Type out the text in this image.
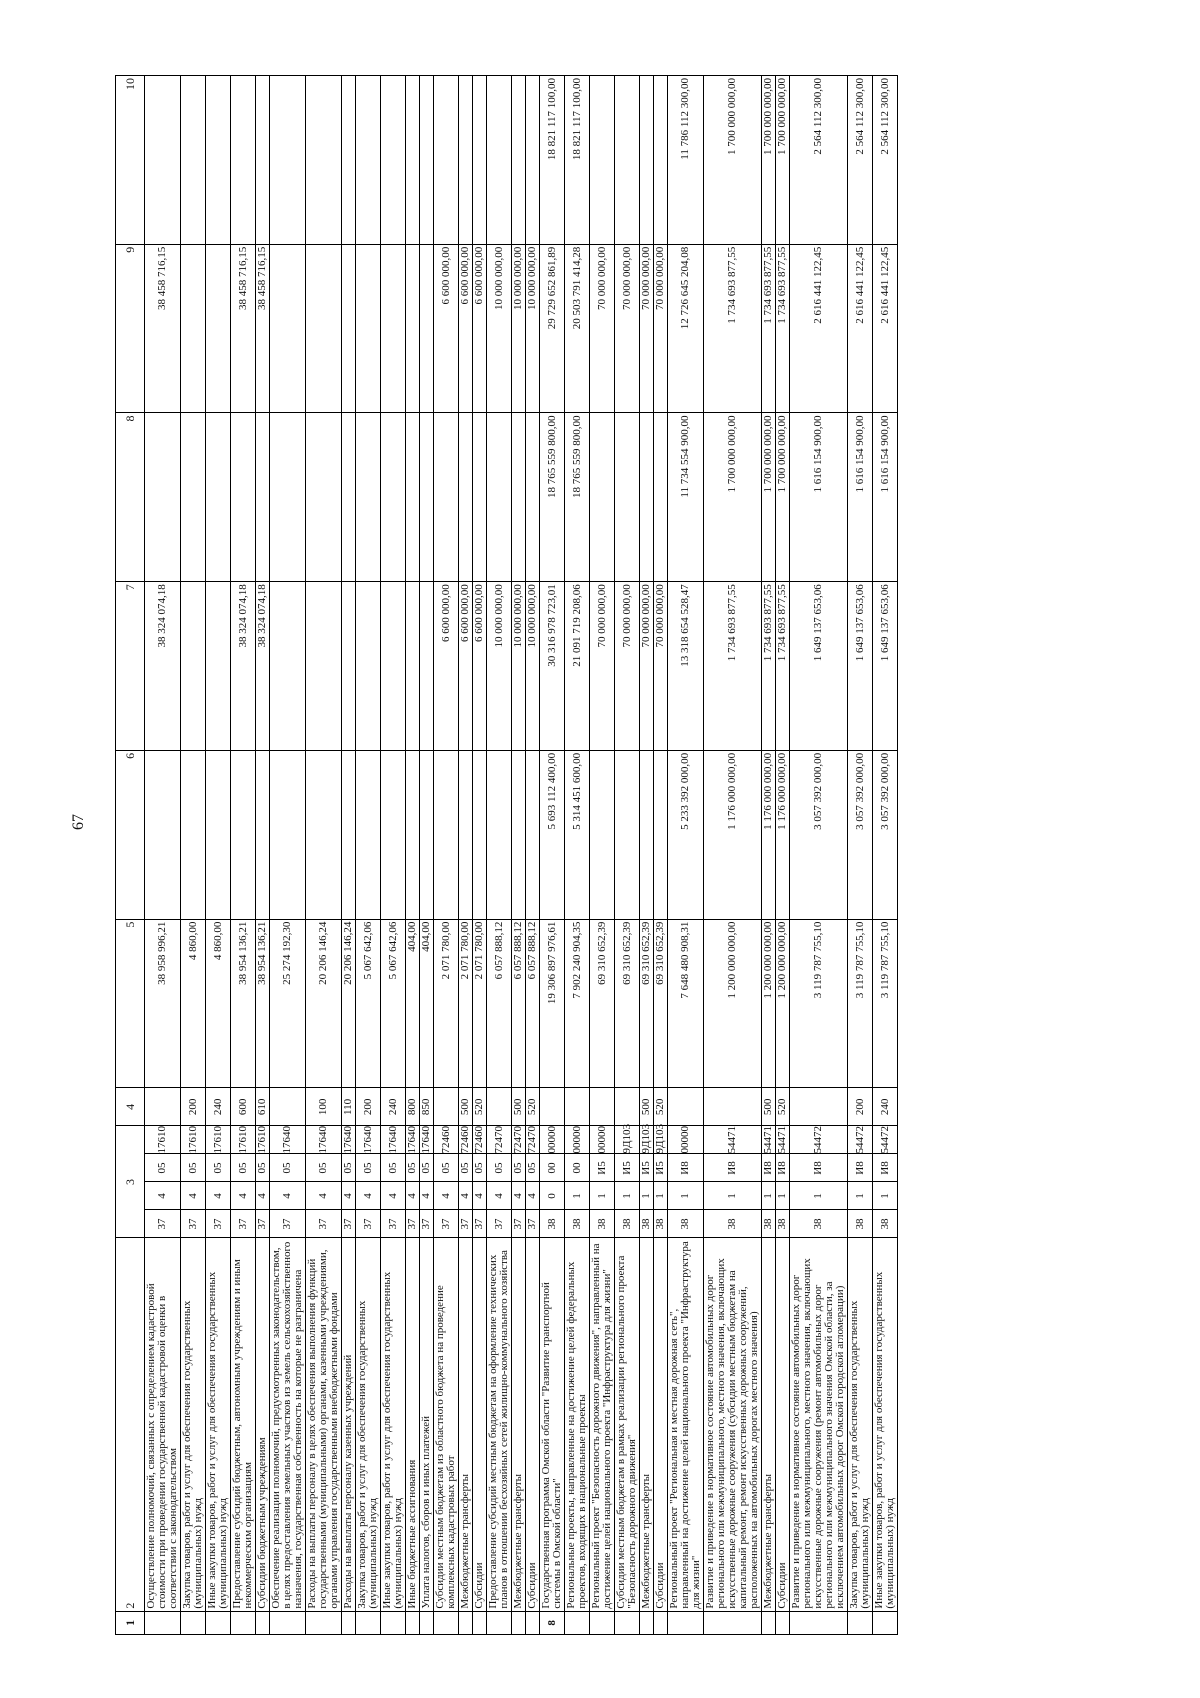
67
1	2	3				4	5	6	7	8	9	10
	Осуществление полномочий, связанных с определением кадастровой стоимости при проведении государственной кадастровой оценки в соответствии с законодательством	37	4	05	17610		38 958 996,21		38 324 074,18		38 458 716,15	
	Закупка товаров, работ и услуг для обеспечения государственных (муниципальных) нужд	37	4	05	17610	200	4 860,00					
	Иные закупки товаров, работ и услуг для обеспечения государственных (муниципальных) нужд	37	4	05	17610	240	4 860,00					
	Предоставление субсидий бюджетным, автономным учреждениям и иным некоммерческим организациям	37	4	05	17610	600	38 954 136,21		38 324 074,18		38 458 716,15	
	Субсидии бюджетным учреждениям	37	4	05	17610	610	38 954 136,21		38 324 074,18		38 458 716,15	
	Обеспечение реализации полномочий, предусмотренных законодательством, в целях предоставления земельных участков из земель сельскохозяйственного назначения, государственная собственность на которые не разграничена	37	4	05	17640		25 274 192,30					
	Расходы на выплаты персоналу в целях обеспечения выполнения функций государственными (муниципальными) органами, казенными учреждениями, органами управления государственными внебюджетными фондами	37	4	05	17640	100	20 206 146,24					
	Расходы на выплаты персоналу казенных учреждений	37	4	05	17640	110	20 206 146,24					
	Закупка товаров, работ и услуг для обеспечения государственных (муниципальных) нужд	37	4	05	17640	200	5 067 642,06					
	Иные закупки товаров, работ и услуг для обеспечения государственных (муниципальных) нужд	37	4	05	17640	240	5 067 642,06					
	Иные бюджетные ассигнования	37	4	05	17640	800	404,00					
	Уплата налогов, сборов и иных платежей	37	4	05	17640	850	404,00					
	Субсидии местным бюджетам из областного бюджета на проведение комплексных кадастровых работ	37	4	05	72460		2 071 780,00		6 600 000,00		6 600 000,00	
	Межбюджетные трансферты	37	4	05	72460	500	2 071 780,00		6 600 000,00		6 600 000,00	
	Субсидии	37	4	05	72460	520	2 071 780,00		6 600 000,00		6 600 000,00	
	Предоставление субсидий местным бюджетам на оформление технических планов в отношении бесхозяйных сетей жилищно-коммунального хозяйства	37	4	05	72470		6 057 888,12		10 000 000,00		10 000 000,00	
	Межбюджетные трансферты	37	4	05	72470	500	6 057 888,12		10 000 000,00		10 000 000,00	
	Субсидии	37	4	05	72470	520	6 057 888,12		10 000 000,00		10 000 000,00	
8	Государственная программа Омской области "Развитие транспортной системы в Омской области"	38	0	00	00000		19 306 897 976,61	5 693 112 400,00	30 316 978 723,01	18 765 559 800,00	29 729 652 861,89	18 821 117 100,00
	Региональные проекты, направленные на достижение целей федеральных проектов, входящих в национальные проекты	38	1	00	00000		7 902 240 904,35	5 314 451 600,00	21 091 719 208,06	18 765 559 800,00	20 503 791 414,28	18 821 117 100,00
	Региональный проект "Безопасность дорожного движения", направленный на достижение целей национального проекта "Инфраструктура для жизни"	38	1	И5	00000		69 310 652,39		70 000 000,00		70 000 000,00	
	Субсидии местным бюджетам в рамках реализации регионального проекта "Безопасность дорожного движения"	38	1	И5	9Д103		69 310 652,39		70 000 000,00		70 000 000,00	
	Межбюджетные трансферты	38	1	И5	9Д103	500	69 310 652,39		70 000 000,00		70 000 000,00	
	Субсидии	38	1	И5	9Д103	520	69 310 652,39		70 000 000,00		70 000 000,00	
	Региональный проект "Региональная и местная дорожная сеть", направленный на достижение целей национального проекта "Инфраструктура для жизни"	38	1	И8	00000		7 648 480 908,31	5 233 392 000,00	13 318 654 528,47	11 734 554 900,00	12 726 645 204,08	11 786 112 300,00
	Развитие и приведение в нормативное состояние автомобильных дорог регионального или межмуниципального, местного значения, включающих искусственные дорожные сооружения (субсидии местным бюджетам на капитальный ремонт, ремонт искусственных дорожных сооружений, расположенных на автомобильных дорогах местного значения)	38	1	И8	54471		1 200 000 000,00	1 176 000 000,00	1 734 693 877,55	1 700 000 000,00	1 734 693 877,55	1 700 000 000,00
	Межбюджетные трансферты	38	1	И8	54471	500	1 200 000 000,00	1 176 000 000,00	1 734 693 877,55	1 700 000 000,00	1 734 693 877,55	1 700 000 000,00
	Субсидии	38	1	И8	54471	520	1 200 000 000,00	1 176 000 000,00	1 734 693 877,55	1 700 000 000,00	1 734 693 877,55	1 700 000 000,00
	Развитие и приведение в нормативное состояние автомобильных дорог регионального или межмуниципального, местного значения, включающих искусственные дорожные сооружения (ремонт автомобильных дорог регионального или межмуниципального значения Омской области, за исключением автомобильных дорог Омской городской агломерации)	38	1	И8	54472		3 119 787 755,10	3 057 392 000,00	1 649 137 653,06	1 616 154 900,00	2 616 441 122,45	2 564 112 300,00
	Закупка товаров, работ и услуг для обеспечения государственных (муниципальных) нужд	38	1	И8	54472	200	3 119 787 755,10	3 057 392 000,00	1 649 137 653,06	1 616 154 900,00	2 616 441 122,45	2 564 112 300,00
	Иные закупки товаров, работ и услуг для обеспечения государственных (муниципальных) нужд	38	1	И8	54472	240	3 119 787 755,10	3 057 392 000,00	1 649 137 653,06	1 616 154 900,00	2 616 441 122,45	2 564 112 300,00
